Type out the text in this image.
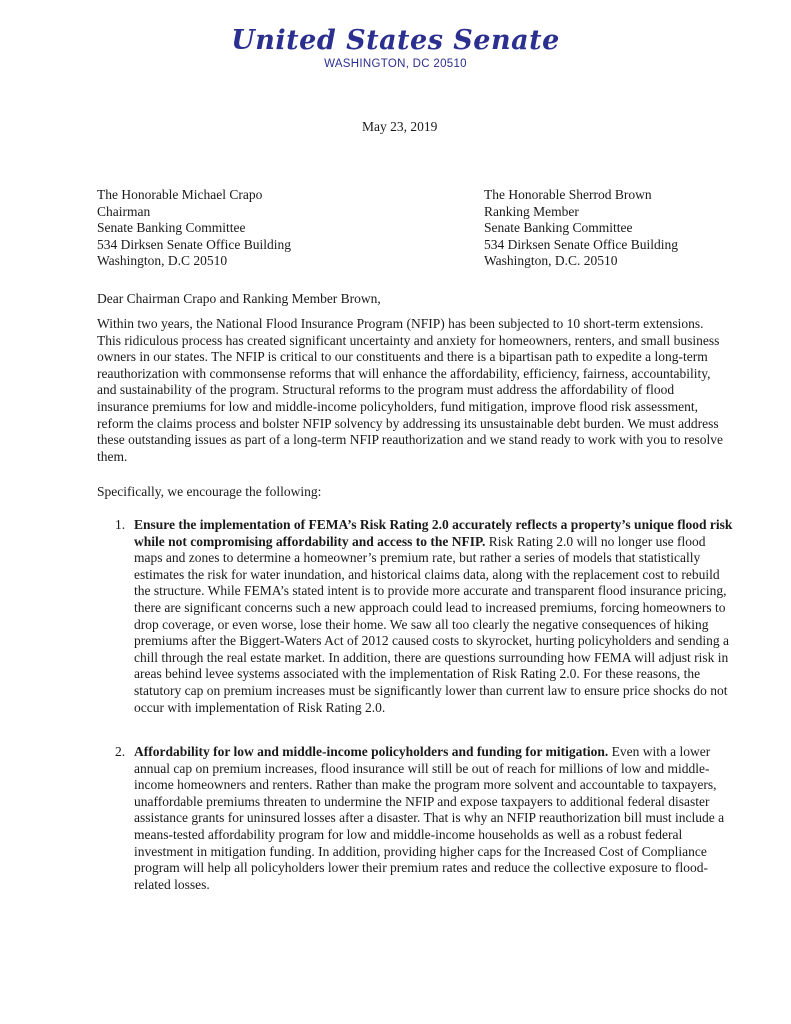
United States Senate
WASHINGTON, DC 20510
May 23, 2019
The Honorable Michael Crapo
Chairman
Senate Banking Committee
534 Dirksen Senate Office Building
Washington, D.C 20510
The Honorable Sherrod Brown
Ranking Member
Senate Banking Committee
534 Dirksen Senate Office Building
Washington, D.C. 20510
Dear Chairman Crapo and Ranking Member Brown,

Within two years, the National Flood Insurance Program (NFIP) has been subjected to 10 short-term extensions. This ridiculous process has created significant uncertainty and anxiety for homeowners, renters, and small business owners in our states. The NFIP is critical to our constituents and there is a bipartisan path to expedite a long-term reauthorization with commonsense reforms that will enhance the affordability, efficiency, fairness, accountability, and sustainability of the program. Structural reforms to the program must address the affordability of flood insurance premiums for low and middle-income policyholders, fund mitigation, improve flood risk assessment, reform the claims process and bolster NFIP solvency by addressing its unsustainable debt burden. We must address these outstanding issues as part of a long-term NFIP reauthorization and we stand ready to work with you to resolve them.

Specifically, we encourage the following:

1. Ensure the implementation of FEMA’s Risk Rating 2.0 accurately reflects a property’s unique flood risk while not compromising affordability and access to the NFIP. Risk Rating 2.0 will no longer use flood maps and zones to determine a homeowner’s premium rate, but rather a series of models that statistically estimates the risk for water inundation, and historical claims data, along with the replacement cost to rebuild the structure. While FEMA’s stated intent is to provide more accurate and transparent flood insurance pricing, there are significant concerns such a new approach could lead to increased premiums, forcing homeowners to drop coverage, or even worse, lose their home. We saw all too clearly the negative consequences of hiking premiums after the Biggert-Waters Act of 2012 caused costs to skyrocket, hurting policyholders and sending a chill through the real estate market. In addition, there are questions surrounding how FEMA will adjust risk in areas behind levee systems associated with the implementation of Risk Rating 2.0. For these reasons, the statutory cap on premium increases must be significantly lower than current law to ensure price shocks do not occur with implementation of Risk Rating 2.0.
2. Affordability for low and middle-income policyholders and funding for mitigation. Even with a lower annual cap on premium increases, flood insurance will still be out of reach for millions of low and middle-income homeowners and renters. Rather than make the program more solvent and accountable to taxpayers, unaffordable premiums threaten to undermine the NFIP and expose taxpayers to additional federal disaster assistance grants for uninsured losses after a disaster. That is why an NFIP reauthorization bill must include a means-tested affordability program for low and middle-income households as well as a robust federal investment in mitigation funding. In addition, providing higher caps for the Increased Cost of Compliance program will help all policyholders lower their premium rates and reduce the collective exposure to flood-related losses.
